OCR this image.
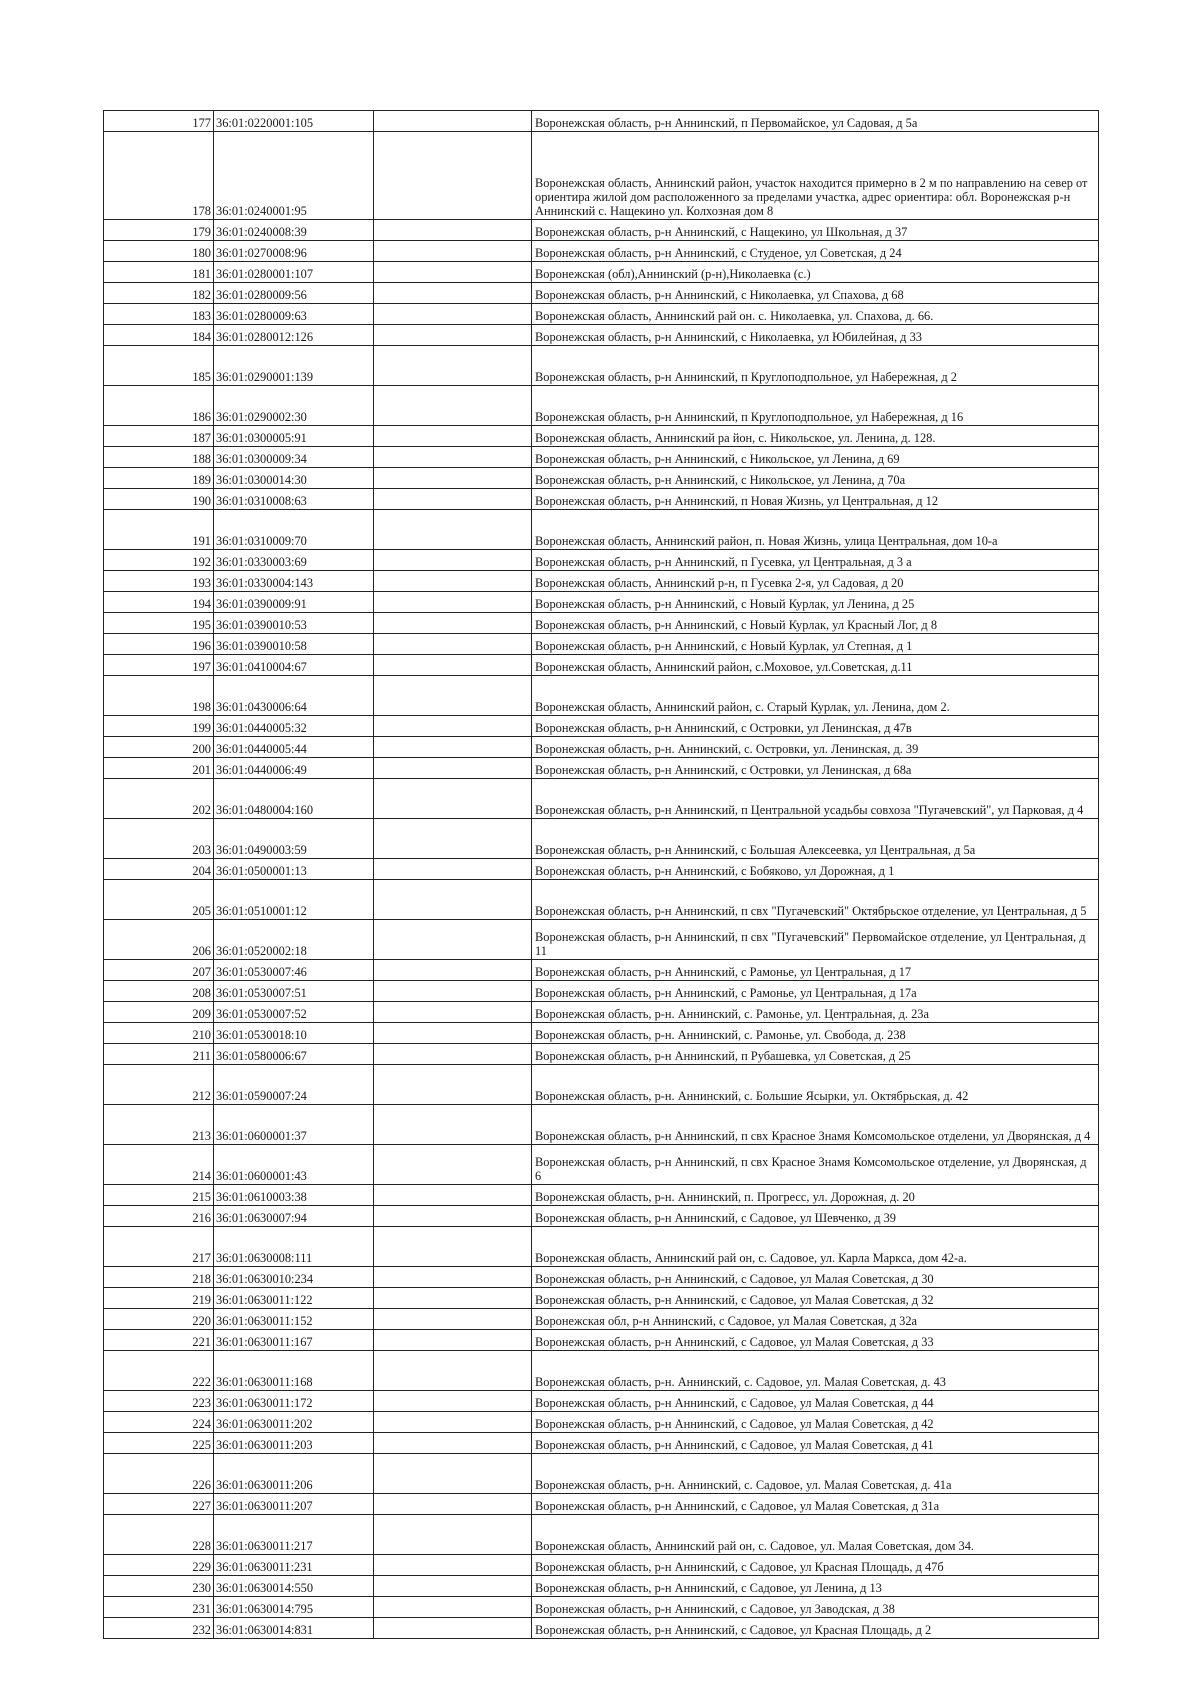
177	36:01:0220001:105		Воронежская область, р-н Аннинский, п Первомайское, ул Садовая, д 5а
178	36:01:0240001:95		Воронежская область, Аннинский район, участок находится примерно в 2 м по направлению на север от ориентира жилой дом расположенного за пределами участка, адрес ориентира: обл. Воронежская р-н Аннинский с. Нащекино ул. Колхозная дом 8
179	36:01:0240008:39		Воронежская область, р-н Аннинский, с Нащекино, ул Школьная, д 37
180	36:01:0270008:96		Воронежская область, р-н Аннинский, с Студеное, ул Советская, д 24
181	36:01:0280001:107		Воронежская (обл),Аннинский (р-н),Николаевка (с.)
182	36:01:0280009:56		Воронежская область, р-н Аннинский, с Николаевка, ул Спахова, д 68
183	36:01:0280009:63		Воронежская область, Аннинский рай он. с. Николаевка, ул. Спахова, д. 66.
184	36:01:0280012:126		Воронежская область, р-н Аннинский, с Николаевка, ул Юбилейная, д 33
185	36:01:0290001:139		Воронежская область, р-н Аннинский, п Круглоподпольное, ул Набережная, д 2
186	36:01:0290002:30		Воронежская область, р-н Аннинский, п Круглоподпольное, ул Набережная, д 16
187	36:01:0300005:91		Воронежская область, Аннинский ра йон, с. Никольское, ул. Ленина, д. 128.
188	36:01:0300009:34		Воронежская область, р-н Аннинский, с Никольское, ул Ленина, д 69
189	36:01:0300014:30		Воронежская область, р-н Аннинский, с Никольское, ул Ленина, д 70а
190	36:01:0310008:63		Воронежская область, р-н Аннинский, п Новая Жизнь, ул Центральная, д 12
191	36:01:0310009:70		Воронежская область, Аннинский район, п. Новая Жизнь, улица Центральная, дом 10-а
192	36:01:0330003:69		Воронежская область, р-н Аннинский, п Гусевка, ул Центральная, д 3 а
193	36:01:0330004:143		Воронежская область, Аннинский р-н, п Гусевка 2-я, ул Садовая, д 20
194	36:01:0390009:91		Воронежская область, р-н Аннинский, с Новый Курлак, ул Ленина, д 25
195	36:01:0390010:53		Воронежская область, р-н Аннинский, с Новый Курлак, ул Красный Лог, д 8
196	36:01:0390010:58		Воронежская область, р-н Аннинский, с Новый Курлак, ул Степная, д 1
197	36:01:0410004:67		Воронежская область, Аннинский район, с.Моховое, ул.Советская, д.11
198	36:01:0430006:64		Воронежская область, Аннинский район, с. Старый Курлак, ул. Ленина, дом 2.
199	36:01:0440005:32		Воронежская область, р-н Аннинский, с Островки, ул Ленинская, д 47в
200	36:01:0440005:44		Воронежская область, р-н. Аннинский, с. Островки, ул. Ленинская, д. 39
201	36:01:0440006:49		Воронежская область, р-н Аннинский, с Островки, ул Ленинская, д 68а
202	36:01:0480004:160		Воронежская область, р-н Аннинский, п Центральной усадьбы совхоза "Пугачевский", ул Парковая, д 4
203	36:01:0490003:59		Воронежская область, р-н Аннинский, с Большая Алексеевка, ул Центральная, д 5а
204	36:01:0500001:13		Воронежская область, р-н Аннинский, с Бобяково, ул Дорожная, д 1
205	36:01:0510001:12		Воронежская область, р-н Аннинский, п свх "Пугачевский" Октябрьское отделение, ул Центральная, д 5
206	36:01:0520002:18		Воронежская область, р-н Аннинский, п свх "Пугачевский" Первомайское отделение, ул Центральная, д 11
207	36:01:0530007:46		Воронежская область, р-н Аннинский, с Рамонье, ул Центральная, д 17
208	36:01:0530007:51		Воронежская область, р-н Аннинский, с Рамонье, ул Центральная, д 17а
209	36:01:0530007:52		Воронежская область, р-н. Аннинский, с. Рамонье, ул. Центральная, д. 23а
210	36:01:0530018:10		Воронежская область, р-н. Аннинский, с. Рамонье, ул. Свобода, д. 238
211	36:01:0580006:67		Воронежская область, р-н Аннинский, п Рубашевка, ул Советская, д 25
212	36:01:0590007:24		Воронежская область, р-н. Аннинский, с. Большие Ясырки, ул. Октябрьская, д. 42
213	36:01:0600001:37		Воронежская область, р-н Аннинский, п свх Красное Знамя Комсомольское отделени, ул Дворянская, д 4
214	36:01:0600001:43		Воронежская область, р-н Аннинский, п свх Красное Знамя Комсомольское отделение, ул Дворянская, д 6
215	36:01:0610003:38		Воронежская область, р-н. Аннинский, п. Прогресс, ул. Дорожная, д. 20
216	36:01:0630007:94		Воронежская область, р-н Аннинский, с Садовое, ул Шевченко, д 39
217	36:01:0630008:111		Воронежская область, Аннинский рай он, с. Садовое, ул. Карла Маркса, дом 42-а.
218	36:01:0630010:234		Воронежская область, р-н Аннинский, с Садовое, ул Малая Советская, д 30
219	36:01:0630011:122		Воронежская область, р-н Аннинский, с Садовое, ул Малая Советская, д 32
220	36:01:0630011:152		Воронежская обл, р-н Аннинский, с Садовое, ул Малая Советская, д 32а
221	36:01:0630011:167		Воронежская область, р-н Аннинский, с Садовое, ул Малая Советская, д 33
222	36:01:0630011:168		Воронежская область, р-н. Аннинский, с. Садовое, ул. Малая Советская, д. 43
223	36:01:0630011:172		Воронежская область, р-н Аннинский, с Садовое, ул Малая Советская, д 44
224	36:01:0630011:202		Воронежская область, р-н Аннинский, с Садовое, ул Малая Советская, д 42
225	36:01:0630011:203		Воронежская область, р-н Аннинский, с Садовое, ул Малая Советская, д 41
226	36:01:0630011:206		Воронежская область, р-н. Аннинский, с. Садовое, ул. Малая Советская, д. 41а
227	36:01:0630011:207		Воронежская область, р-н Аннинский, с Садовое, ул Малая Советская, д 31а
228	36:01:0630011:217		Воронежская область, Аннинский рай он, с. Садовое, ул. Малая Советская, дом 34.
229	36:01:0630011:231		Воронежская область, р-н Аннинский, с Садовое, ул Красная Площадь, д 47б
230	36:01:0630014:550		Воронежская область, р-н Аннинский, с Садовое, ул Ленина, д 13
231	36:01:0630014:795		Воронежская область, р-н Аннинский, с Садовое, ул Заводская, д 38
232	36:01:0630014:831		Воронежская область, р-н Аннинский, с Садовое, ул Красная Площадь, д 2
